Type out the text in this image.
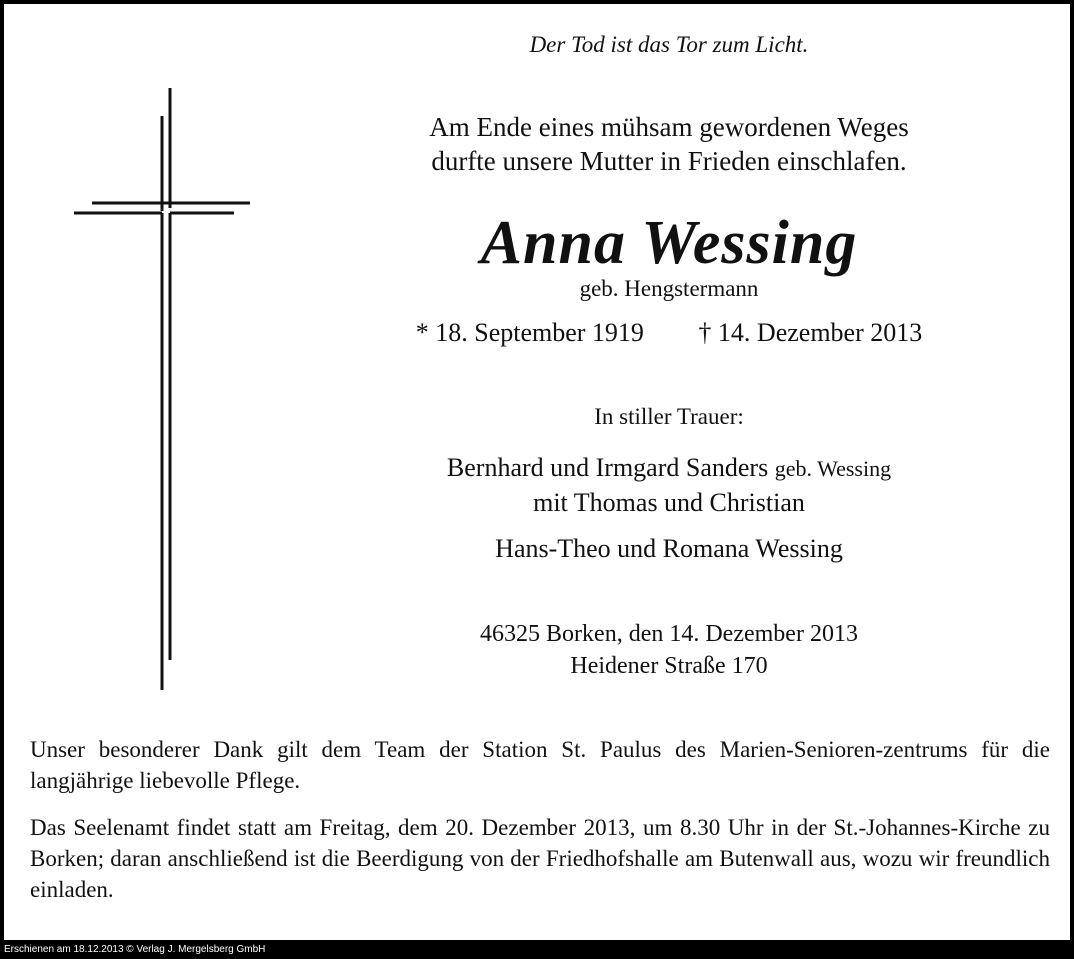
Der Tod ist das Tor zum Licht.
Am Ende eines mühsam gewordenen Weges
durfte unsere Mutter in Frieden einschlafen.
Anna Wessing
geb. Hengstermann
* 18. September 1919 † 14. Dezember 2013
In stiller Trauer:
Bernhard und Irmgard Sanders geb. Wessing
mit Thomas und Christian
Hans-Theo und Romana Wessing
46325 Borken, den 14. Dezember 2013
Heidener Straße 170
Unser besonderer Dank gilt dem Team der Station St. Paulus des Marien-Senioren-zentrums für die langjährige liebevolle Pflege.
Das Seelenamt findet statt am Freitag, dem 20. Dezember 2013, um 8.30 Uhr in der St.-Johannes-Kirche zu Borken; daran anschließend ist die Beerdigung von der Friedhofshalle am Butenwall aus, wozu wir freundlich einladen.
Erschienen am 18.12.2013 © Verlag J. Mergelsberg GmbH
